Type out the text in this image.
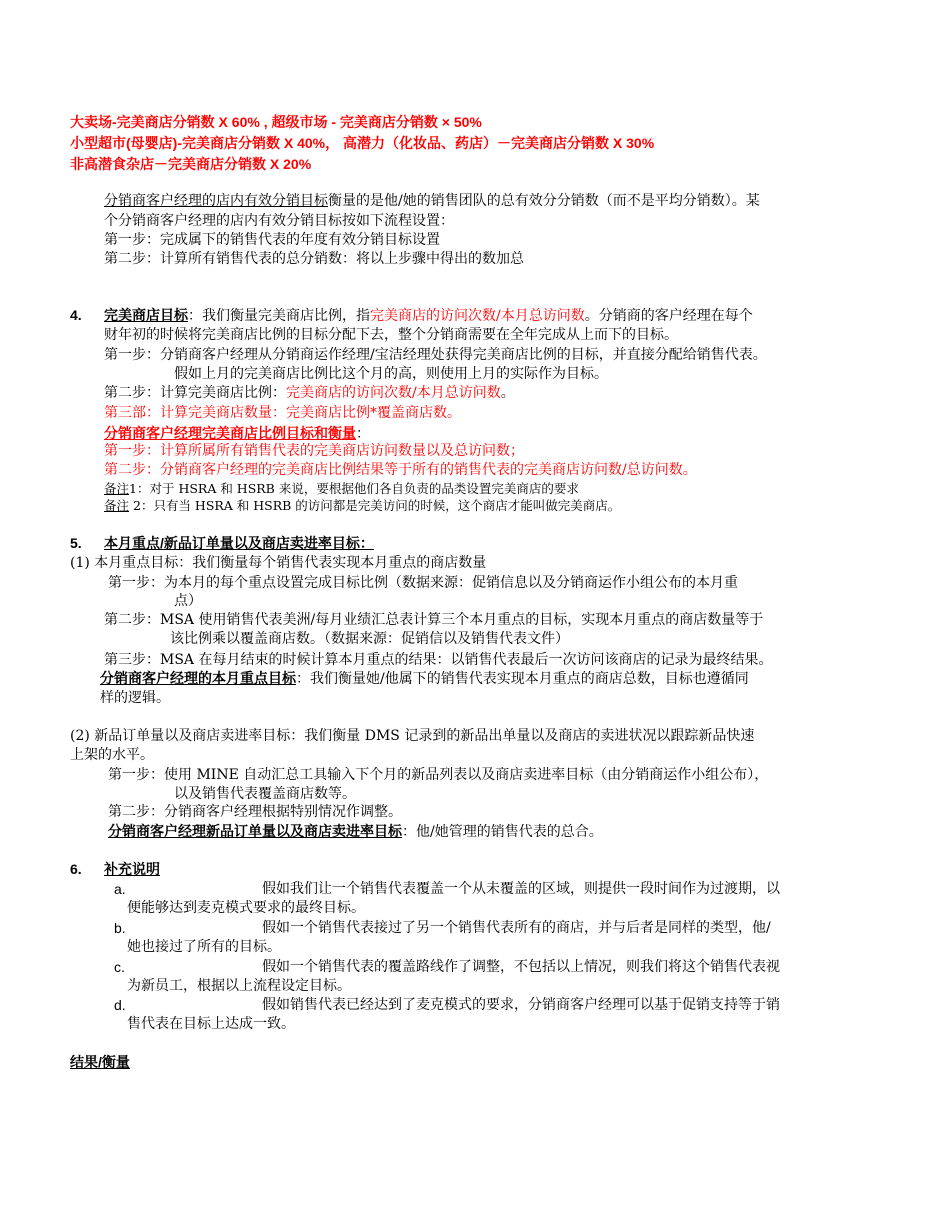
大卖场-完美商店分销数 X 60% , 超级市场 - 完美商店分销数 × 50%
小型超市(母婴店)-完美商店分销数 X 40%， 高潜力（化妆品、药店）－完美商店分销数 X 30%
非高潜食杂店－完美商店分销数 X 20%
分销商客户经理的店内有效分销目标衡量的是他/她的销售团队的总有效分分销数（而不是平均分销数）。某
个分销商客户经理的店内有效分销目标按如下流程设置：
第一步：完成属下的销售代表的年度有效分销目标设置
第二步：计算所有销售代表的总分销数：将以上步骤中得出的数加总
4. 完美商店目标：我们衡量完美商店比例，指完美商店的访问次数/本月总访问数。分销商的客户经理在每个
财年初的时候将完美商店比例的目标分配下去，整个分销商需要在全年完成从上而下的目标。
第一步：分销商客户经理从分销商运作经理/宝洁经理处获得完美商店比例的目标，并直接分配给销售代表。
假如上月的完美商店比例比这个月的高，则使用上月的实际作为目标。
第二步：计算完美商店比例：完美商店的访问次数/本月总访问数。
第三部：计算完美商店数量：完美商店比例*覆盖商店数。
分销商客户经理完美商店比例目标和衡量：
第一步：计算所属所有销售代表的完美商店访问数量以及总访问数；
第二步：分销商客户经理的完美商店比例结果等于所有的销售代表的完美商店访问数/总访问数。
备注1：对于 HSRA 和 HSRB 来说，要根据他们各自负责的品类设置完美商店的要求
备注 2：只有当 HSRA 和 HSRB 的访问都是完美访问的时候，这个商店才能叫做完美商店。
5. 本月重点/新品订单量以及商店卖进率目标：
(1) 本月重点目标：我们衡量每个销售代表实现本月重点的商店数量
第一步：为本月的每个重点设置完成目标比例（数据来源：促销信息以及分销商运作小组公布的本月重
点）
第二步：MSA 使用销售代表美洲/每月业绩汇总表计算三个本月重点的目标，实现本月重点的商店数量等于
该比例乘以覆盖商店数。（数据来源：促销信以及销售代表文件）
第三步：MSA 在每月结束的时候计算本月重点的结果：以销售代表最后一次访问该商店的记录为最终结果。
分销商客户经理的本月重点目标：我们衡量她/他属下的销售代表实现本月重点的商店总数，目标也遵循同
样的逻辑。
(2) 新品订单量以及商店卖进率目标：我们衡量 DMS 记录到的新品出单量以及商店的卖进状况以跟踪新品快速
上架的水平。
第一步：使用 MINE 自动汇总工具输入下个月的新品列表以及商店卖进率目标（由分销商运作小组公布），
以及销售代表覆盖商店数等。
第二步：分销商客户经理根据特别情况作调整。
分销商客户经理新品订单量以及商店卖进率目标：他/她管理的销售代表的总合。
6. 补充说明
a.	假如我们让一个销售代表覆盖一个从未覆盖的区域，则提供一段时间作为过渡期，以
便能够达到麦克模式要求的最终目标。
b.	假如一个销售代表接过了另一个销售代表所有的商店，并与后者是同样的类型，他/
她也接过了所有的目标。
c.	假如一个销售代表的覆盖路线作了调整，不包括以上情况，则我们将这个销售代表视
为新员工，根据以上流程设定目标。
d.	假如销售代表已经达到了麦克模式的要求，分销商客户经理可以基于促销支持等于销
售代表在目标上达成一致。
结果/衡量
